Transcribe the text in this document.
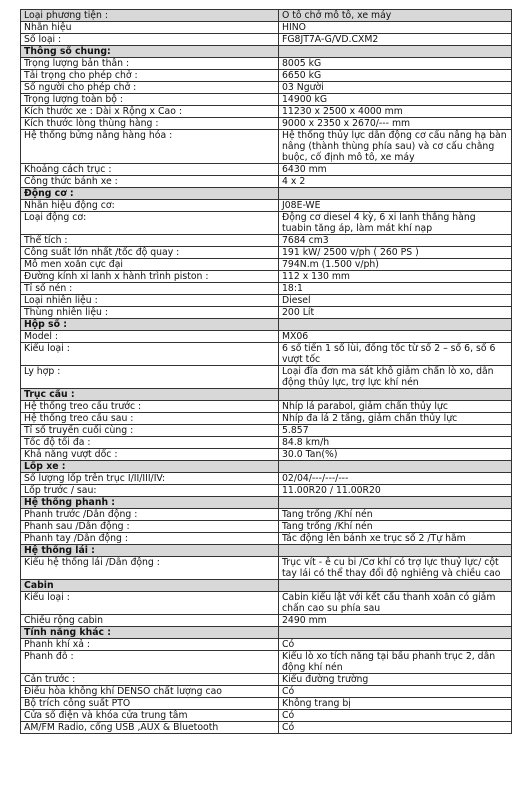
Loại phương tiện :	Ô tô chở mô tô, xe máy
Nhãn hiệu	HINO
Số loại :	FG8JT7A-G/VD.CXM2
Thông số chung:	
Trọng lượng bản thân :	8005 kG
Tải trọng cho phép chở :	6650 kG
Số người cho phép chở :	03 Người
Trọng lượng toàn bộ :	14900 kG
Kích thước xe : Dài x Rộng x Cao :	11230 x 2500 x 4000 mm
Kích thước lòng thùng hàng :	9000 x 2350 x 2670/--- mm
Hệ thống bửng nâng hàng hóa :	Hệ thống thủy lực dẫn động cơ cấu nâng hạ bàn nâng (thành thùng phía sau) và cơ cấu chằng buộc, cố định mô tô, xe máy
Khoảng cách trục :	6430 mm
Công thức bánh xe :	4 x 2
Động cơ :	
Nhãn hiệu động cơ:	J08E-WE
Loại động cơ:	Động cơ diesel 4 kỳ, 6 xi lanh thẳng hàng tuabin tăng áp, làm mát khí nạp
Thể tích :	7684 cm3
Công suất lớn nhất /tốc độ quay :	191 kW/ 2500 v/ph ( 260 PS )
Mô men xoắn cực đại	794N.m (1.500 v/ph)
Đường kính xi lanh x hành trình piston :	112 x 130 mm
Tỉ số nén :	18:1
Loại nhiên liệu :	Diesel
Thùng nhiên liệu :	200 Lít
Hộp số :	
Model :	MX06
Kiểu loại :	6 số tiến 1 số lùi, đồng tốc từ số 2 – số 6, số 6 vượt tốc
Ly hợp :	Loại đĩa đơn ma sát khô giảm chấn lò xo, dẫn động thủy lực, trợ lực khí nén
Trục cầu :	
Hệ thống treo cầu trước :	Nhíp lá parabol, giảm chấn thủy lực
Hệ thống treo cầu sau :	Nhíp đa lá 2 tầng, giảm chấn thủy lực
Tỉ số truyền cuối cùng :	5.857
Tốc độ tối đa :	84.8 km/h
Khả năng vượt dốc :	30.0 Tan(%)
Lốp xe :	
Số lượng lốp trên trục I/II/III/IV:	02/04/---/---/---
Lốp trước / sau:	11.00R20 / 11.00R20
Hệ thống phanh :	
Phanh trước /Dẫn động :	Tang trống /Khí nén
Phanh sau /Dẫn động :	Tang trống /Khí nén
Phanh tay /Dẫn động :	Tác động lên bánh xe trục số 2 /Tự hãm
Hệ thống lái :	
Kiểu hệ thống lái /Dẫn động :	Trục vít - ê cu bi /Cơ khí có trợ lực thuỷ lực/ cột tay lái có thể thay đổi độ nghiêng và chiều cao
Cabin	
Kiểu loại :	Cabin kiểu lật với kết cấu thanh xoắn có giảm chấn cao su phía sau
Chiều rộng cabin	2490 mm
Tính năng khác :	
Phanh khí xả :	Có
Phanh đỗ :	Kiểu lò xo tích năng tại bầu phanh trục 2, dẫn động khí nén
Cản trước :	Kiểu đường trường
Điều hòa không khí DENSO chất lượng cao	Có
Bộ trích công suất PTO	Không trang bị
Cửa số điện và khóa cửa trung tâm	Có
AM/FM Radio, cổng USB ,AUX & Bluetooth	Có
